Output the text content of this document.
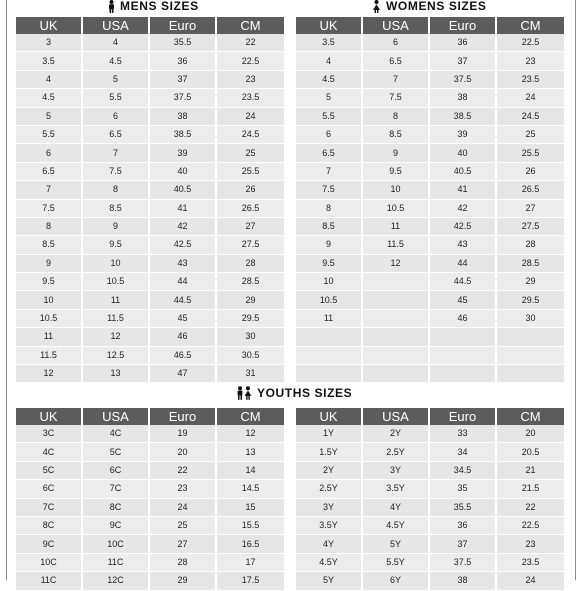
MENS SIZES	WOMENS SIZES
YOUTHS SIZES
UK	USA	Euro	CM
3	4	35.5	22
3.5	4.5	36	22.5
4	5	37	23
4.5	5.5	37.5	23.5
5	6	38	24
5.5	6.5	38.5	24.5
6	7	39	25
6.5	7.5	40	25.5
7	8	40.5	26
7.5	8.5	41	26.5
8	9	42	27
8.5	9.5	42.5	27.5
9	10	43	28
9.5	10.5	44	28.5
10	11	44.5	29
10.5	11.5	45	29.5
11	12	46	30
11.5	12.5	46.5	30.5
12	13	47	31
UK	USA	Euro	CM
3.5	6	36	22.5
4	6.5	37	23
4.5	7	37.5	23.5
5	7.5	38	24
5.5	8	38.5	24.5
6	8.5	39	25
6.5	9	40	25.5
7	9.5	40.5	26
7.5	10	41	26.5
8	10.5	42	27
8.5	11	42.5	27.5
9	11.5	43	28
9.5	12	44	28.5
10		44.5	29
10.5		45	29.5
11		46	30

UK	USA	Euro	CM
3C	4C	19	12
4C	5C	20	13
5C	6C	22	14
6C	7C	23	14.5
7C	8C	24	15
8C	9C	25	15.5
9C	10C	27	16.5
10C	11C	28	17
11C	12C	29	17.5
UK	USA	Euro	CM
1Y	2Y	33	20
1.5Y	2.5Y	34	20.5
2Y	3Y	34.5	21
2.5Y	3.5Y	35	21.5
3Y	4Y	35.5	22
3.5Y	4.5Y	36	22.5
4Y	5Y	37	23
4.5Y	5.5Y	37.5	23.5
5Y	6Y	38	24
